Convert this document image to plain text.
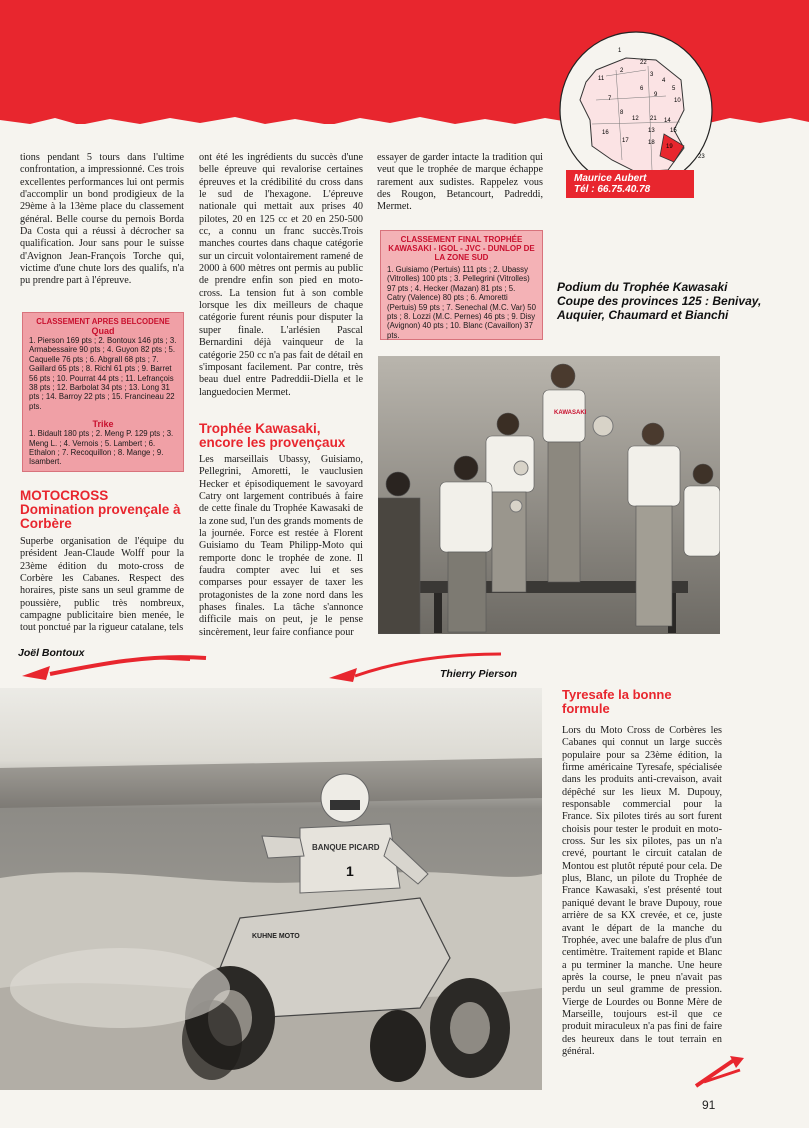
1
22
2
3
4
5
6
9
10
11
7
8
12 21 14
15
13
16
17	18
19
23
Maurice Aubert
Tél : 66.75.40.78

tions pendant 5 tours dans l'ultime confrontation, a impressionné. Ces trois excellentes performances lui ont permis d'accomplir un bond prodigieux de la 29ème à la 13ème place du classement général. Belle course du pernois Borda Da Costa qui a réussi à décrocher sa qualification. Jour sans pour le suisse d'Avignon Jean-François Torche qui, victime d'une chute lors des qualifs, n'a pu prendre part à l'épreuve.

CLASSEMENT APRES BELCODENE
Quad
1. Pierson 169 pts ; 2. Bontoux 146 pts ; 3. Armabessaire 90 pts ; 4. Guyon 82 pts ; 5. Caquelle 76 pts ; 6. Abgrall 68 pts ; 7. Gaillard 65 pts ; 8. Richl 61 pts ; 9. Barret 56 pts ; 10. Pourrat 44 pts ; 11. Lefrançois 38 pts ; 12. Barbolat 34 pts ; 13. Long 31 pts ; 14. Barroy 22 pts ; 15. Francineau 22 pts.
Trike
1. Bidault 180 pts ; 2. Meng P. 129 pts ; 3. Meng L. ; 4. Vernois ; 5. Lambert ; 6. Ethalon ; 7. Recoquillon ; 8. Mange ; 9. Isambert.
MOTOCROSS
Domination provençale à Corbère

Superbe organisation de l'équipe du président Jean-Claude Wolff pour la 23ème édition du moto-cross de Corbère les Cabanes. Respect des horaires, piste sans un seul gramme de poussière, public très nombreux, campagne publicitaire bien menée, le tout ponctué par la rigueur catalane, tels

ont été les ingrédients du succès d'une belle épreuve qui revalorise certaines épreuves et la crédibilité du cross dans le sud de l'hexagone. L'épreuve nationale qui mettait aux prises 40 pilotes, 20 en 125 cc et 20 en 250-500 cc, a connu un franc succès.Trois manches courtes dans chaque catégorie sur un circuit volontairement ramené de 2000 à 600 mètres ont permis au public de prendre enfin son pied en moto-cross. La tension fut à son comble lorsque les dix meilleurs de chaque catégorie furent réunis pour disputer la super finale. L'arlésien Pascal Bernardini déjà vainqueur de la catégorie 250 cc n'a pas fait de détail en s'imposant facilement. Par contre, très beau duel entre Padreddii-Diella et le languedocien Mermet.

Trophée Kawasaki, encore les provençaux

Les marseillais Ubassy, Guisiamo, Pellegrini, Amoretti, le vauclusien Hecker et épisodiquement le savoyard Catry ont largement contribués à faire de cette finale du Trophée Kawasaki de la zone sud, l'un des grands moments de la journée. Force est restée à Florent Guisiamo du Team Philipp-Moto qui remporte donc le trophée de zone. Il faudra compter avec lui et ses comparses pour essayer de taxer les protagonistes de la zone nord dans les phases finales. La tâche s'annonce difficile mais on peut, je le pense sincèrement, leur faire confiance pour

essayer de garder intacte la tradition qui veut que le trophée de marque échappe rarement aux sudistes. Rappelez vous des Rougon, Betancourt, Padreddi, Mermet.

CLASSEMENT FINAL TROPHÉE KAWASAKI - IGOL - JVC - DUNLOP DE LA ZONE SUD
1. Guisiamo (Pertuis) 111 pts ; 2. Ubassy (Vitrolles) 100 pts ; 3. Pellegrini (Vitrolles) 97 pts ; 4. Hecker (Mazan) 81 pts ; 5. Catry (Valence) 80 pts ; 6. Amoretti (Pertuis) 59 pts ; 7. Senechal (M.C. Var) 50 pts ; 8. Lozzi (M.C. Pernes) 46 pts ; 9. Disy (Avignon) 40 pts ; 10. Blanc (Cavaillon) 37 pts.
Podium du Trophée Kawasaki Coupe des provinces 125 : Benivay, Auquier, Chaumard et Bianchi
KAWASAKI
Joël Bontoux
Thierry Pierson
BANQUE PICARD
1
KUHNE MOTO
Tyresafe la bonne formule

Lors du Moto Cross de Corbères les Cabanes qui connut un large succès populaire pour sa 23ème édition, la firme américaine Tyresafe, spécialisée dans les produits anti-crevaison, avait dépêché sur les lieux M. Dupouy, responsable commercial pour la France. Six pilotes tirés au sort furent choisis pour tester le produit en moto-cross. Sur les six pilotes, pas un n'a crevé, pourtant le circuit catalan de Montou est plutôt réputé pour cela. De plus, Blanc, un pilote du Trophée de France Kawasaki, s'est présenté tout paniqué devant le brave Dupouy, roue arrière de sa KX crevée, et ce, juste avant le départ de la manche du Trophée, avec une balafre de plus d'un centimètre. Traitement rapide et Blanc a pu terminer la manche. Une heure après la course, le pneu n'avait pas perdu un seul gramme de pression. Vierge de Lourdes ou Bonne Mère de Marseille, toujours est-il que ce produit miraculeux n'a pas fini de faire des heureux dans le tout terrain en général.

91
